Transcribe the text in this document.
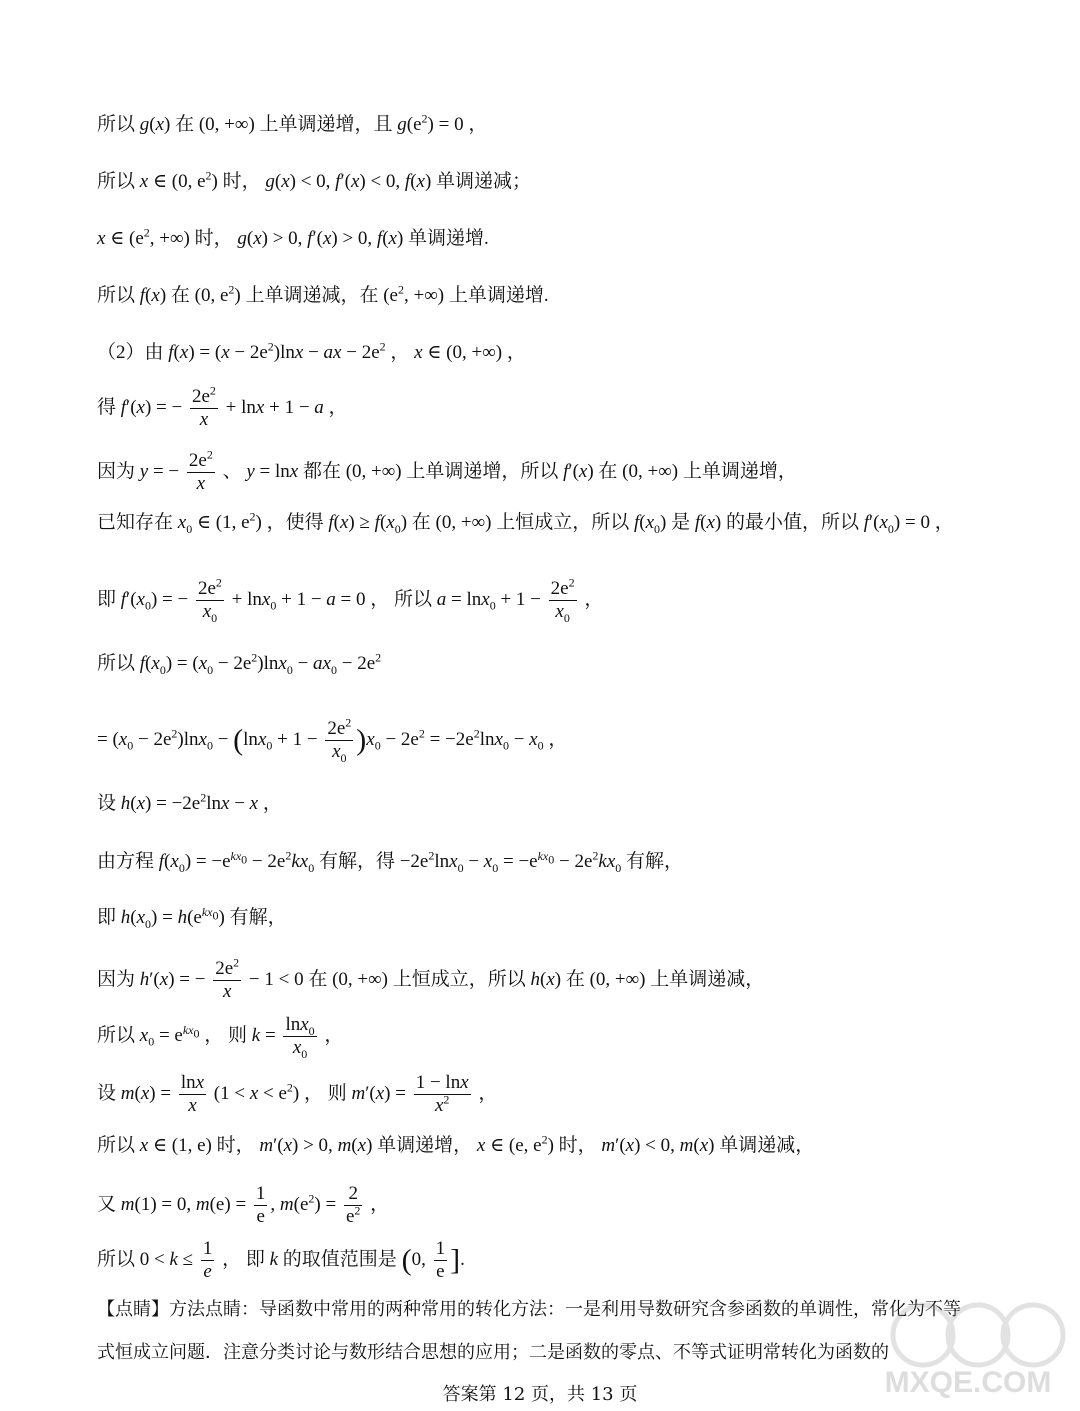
所以 g(x) 在 (0, +∞) 上单调递增，且 $g(e^2) = 0$ ，
所以 x ∈ (0, $e^2$) 时， g(x) < 0, f′(x) < 0, f(x) 单调递减；
x ∈ ($e^2$, +∞) 时， g(x) > 0, f′(x) > 0, f(x) 单调递增.
所以 f(x) 在 (0, $e^2$) 上单调递减，在 ($e^2$, +∞) 上单调递增.
（2）由 $f(x) = (x - 2e^2)\ln x$ − ax − $2e^2$ ， x ∈ (0, +∞) ，
得 f′(x) = − $\frac{2e^2}{x} + \ln x + 1 - a$ ，
因为 y = − $\frac{2e^2}{x}$ 、 y = lnx 都在 (0, +∞) 上单调递增，所以 f′(x) 在 (0, +∞) 上单调递增，
已知存在 $x_0$ ∈ (1, $e^2$) ，使得 $f(x) \ge f(x_0)$ 在 (0, +∞) 上恒成立，所以 $f(x_0)$ 是 f(x) 的最小值，所以 $f'(x_0) = 0$ ，
即 $f'(x_0)$ = − $\frac{2e^2}{x_0} + \ln x_0 + 1 - a = 0$ ， 所以 $a = \ln x_0 + 1 - \frac{2e^2}{x_0}$ ，
所以 $f(x_0) = (x_0 - 2e^2)\ln x_0 - ax_0 - 2e^2$
= $(x_0 - 2e^2)\ln x_0 - (\ln x_0 + 1 - \frac{2e^2}{x_0} )x_0 - 2e^2 = -2e^2\ln x_0 - x_0$ ，
设 $h(x) = -2e^2\ln x - x$ ，
由方程 $f(x_0) = -e^{kx_0} - 2e^2kx_0$ 有解，得 $-2e^2\ln x_0 - x_0 = -e^{kx_0} - 2e^2kx_0$ 有解，
即 $h(x_0) = h(e^{kx_0})$ 有解，
因为 h′(x) = − $\frac{2e^2}{x} - 1 < 0$ 在 (0, +∞) 上恒成立，所以 h(x) 在 (0, +∞) 上单调递减，
所以 $x_0 = e^{kx_0}$ ， 则 $k = \frac{\ln x_0}{x_0}$ ，
设 $m(x) = \frac{\ln x}{x} (1 < x < e^2)$ ， 则 $m'(x) = \frac{1 - \ln x}{x^2}$ ，
所以 x ∈ (1, e) 时， m′(x) > 0, m(x) 单调递增， x ∈ (e, $e^2$) 时， m′(x) < 0, m(x) 单调递减，
又 m(1) = 0, $m(e) = \frac{1}{e}$ , $m(e^2) = \frac{2}{e^2}$ ，
所以 $0 < k \le \frac{1}{e}$ ， 即 k 的取值范围是 (0, $\frac{1}{e}$ ].
【点睛】方法点睛：导函数中常用的两种常用的转化方法：一是利用导数研究含参函数的单调性，常化为不等式恒成立问题．注意分类讨论与数形结合思想的应用；二是函数的零点、不等式证明常转化为函数的
答案第 12 页，共 13 页	MXQE.COM
